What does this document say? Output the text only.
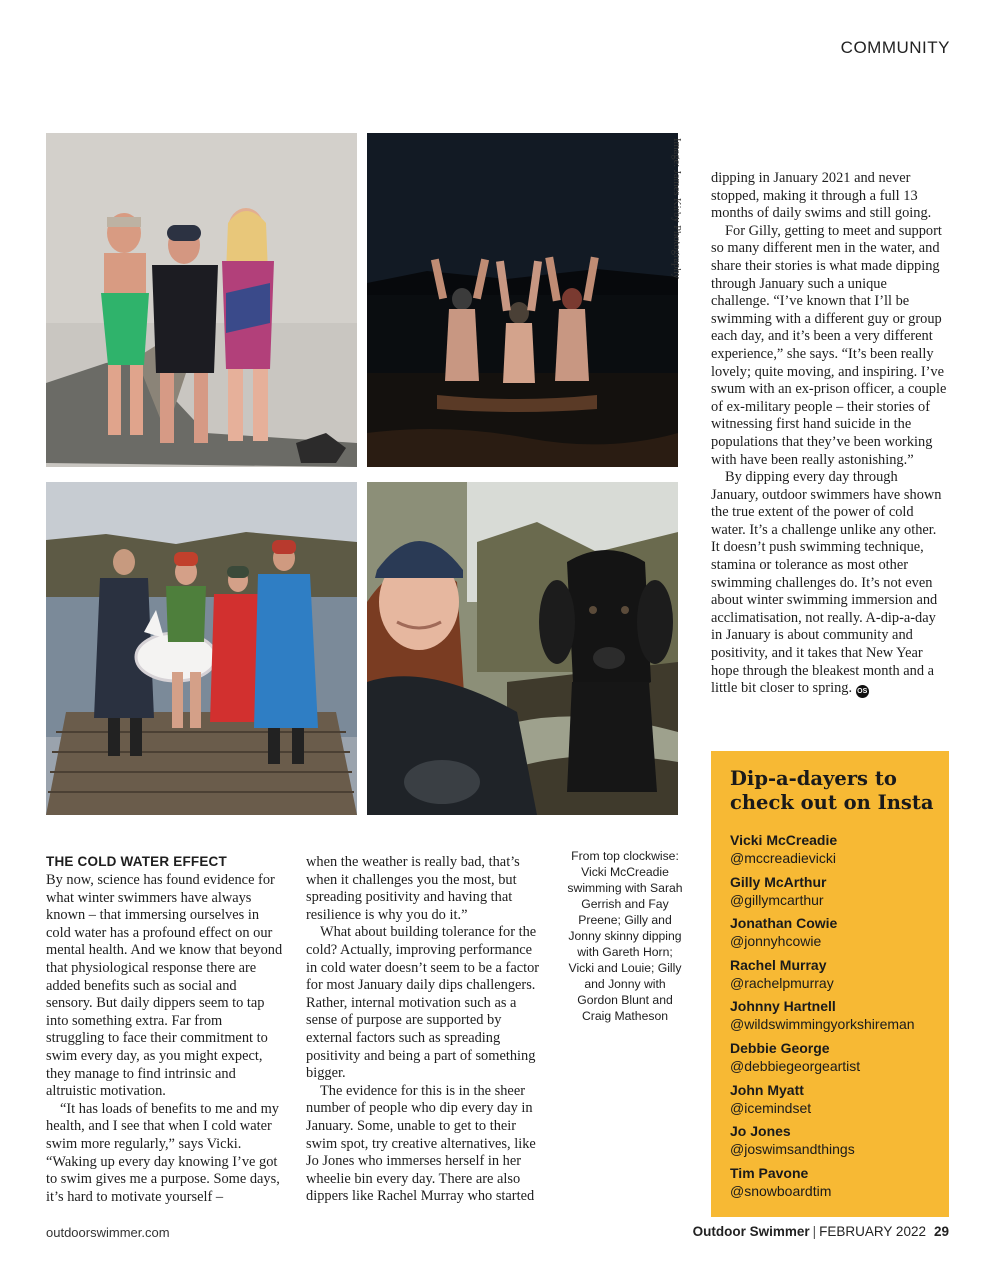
COMMUNITY
Image: James Kirby Photography
THE COLD WATER EFFECT

By now, science has found evidence for what winter swimmers have always known – that immersing ourselves in cold water has a profound effect on our mental health. And we know that beyond that physiological response there are added benefits such as social and sensory. But daily dippers seem to tap into something extra. Far from struggling to face their commitment to swim every day, as you might expect, they manage to find intrinsic and altruistic motivation.

“It has loads of benefits to me and my health, and I see that when I cold water swim more regularly,” says Vicki. “Waking up every day knowing I’ve got to swim gives me a purpose. Some days, it’s hard to motivate yourself –

when the weather is really bad, that’s when it challenges you the most, but spreading positivity and having that resilience is why you do it.”

What about building tolerance for the cold? Actually, improving performance in cold water doesn’t seem to be a factor for most January daily dips challengers. Rather, internal motivation such as a sense of purpose are supported by external factors such as spreading positivity and being a part of something bigger.

The evidence for this is in the sheer number of people who dip every day in January. Some, unable to get to their swim spot, try creative alternatives, like Jo Jones who immerses herself in her wheelie bin every day. There are also dippers like Rachel Murray who started

From top clockwise: Vicki McCreadie swimming with Sarah Gerrish and Fay Preene; Gilly and Jonny skinny dipping with Gareth Horn; Vicki and Louie; Gilly and Jonny with Gordon Blunt and Craig Matheson

dipping in January 2021 and never stopped, making it through a full 13 months of daily swims and still going.

For Gilly, getting to meet and support so many different men in the water, and share their stories is what made dipping through January such a unique challenge. “I’ve known that I’ll be swimming with a different guy or group each day, and it’s been a very different experience,” she says. “It’s been really lovely; quite moving, and inspiring. I’ve swum with an ex-prison officer, a couple of ex-military people – their stories of witnessing first hand suicide in the populations that they’ve been working with have been really astonishing.”

By dipping every day through January, outdoor swimmers have shown the true extent of the power of cold water. It’s a challenge unlike any other. It doesn’t push swimming technique, stamina or tolerance as most other swimming challenges do. It’s not even about winter swimming immersion and acclimatisation, not really. A-dip-a-day in January is about community and positivity, and it takes that New Year hope through the bleakest month and a little bit closer to spring. OS

Dip-a-dayers to check out on Insta
Vicki McCreadie
@mccreadievicki
Gilly McArthur
@gillymcarthur
Jonathan Cowie
@jonnyhcowie
Rachel Murray
@rachelpmurray
Johnny Hartnell
@wildswimmingyorkshireman
Debbie George
@debbiegeorgeartist
John Myatt
@icemindset
Jo Jones
@joswimsandthings
Tim Pavone
@snowboardtim
outdoorswimmer.com	Outdoor Swimmer | FEBRUARY 2022 29
